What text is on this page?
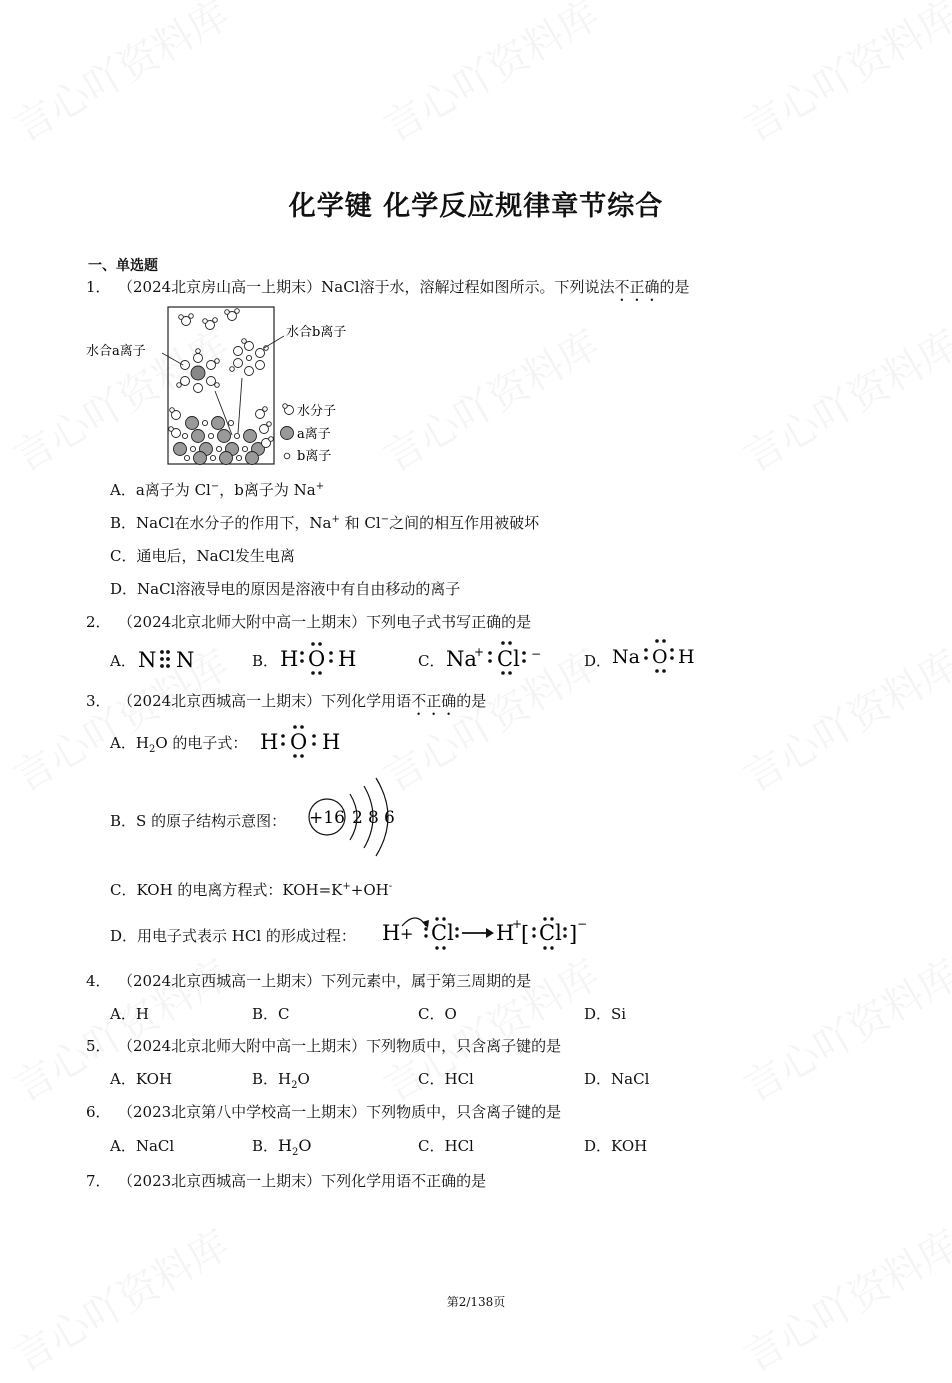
化学键 化学反应规律章节综合
一、单选题
1． （2024北京房山高一上期末）NaCl溶于水，溶解过程如图所示。下列说法不正确的是
水合a离子
水合b离子
水分子
a离子
b离子
A．a离子为 Cl−，b离子为 Na+
B．NaCl在水分子的作用下，Na+ 和 Cl−之间的相互作用被破坏
C．通电后，NaCl发生电离
D．NaCl溶液导电的原因是溶液中有自由移动的离子
2． （2024北京北师大附中高一上期末）下列电子式书写正确的是
A． N N	B． H O H	C． Na
+ Cl −	D． Na O H
3． （2024北京西城高一上期末）下列化学用语不正确的是
A．$H_2O$ 的电子式： H O H
B．S 的原子结构示意图： +16 2 8 6
C．KOH 的电离方程式：KOH=K++OH-
D．用电子式表示 HCl 的形成过程： H + Cl H
+
[ Cl ] −
4． （2024北京西城高一上期末）下列元素中，属于第三周期的是
A．H	B．C	C．O	D．Si
5． （2024北京北师大附中高一上期末）下列物质中，只含离子键的是
A．KOH	B．$H_2O$	C．HCl	D．NaCl
6． （2023北京第八中学校高一上期末）下列物质中，只含离子键的是
A．NaCl	B．$H_2O$	C．HCl	D．KOH
7． （2023北京西城高一上期末）下列化学用语不正确的是
第2/138页
